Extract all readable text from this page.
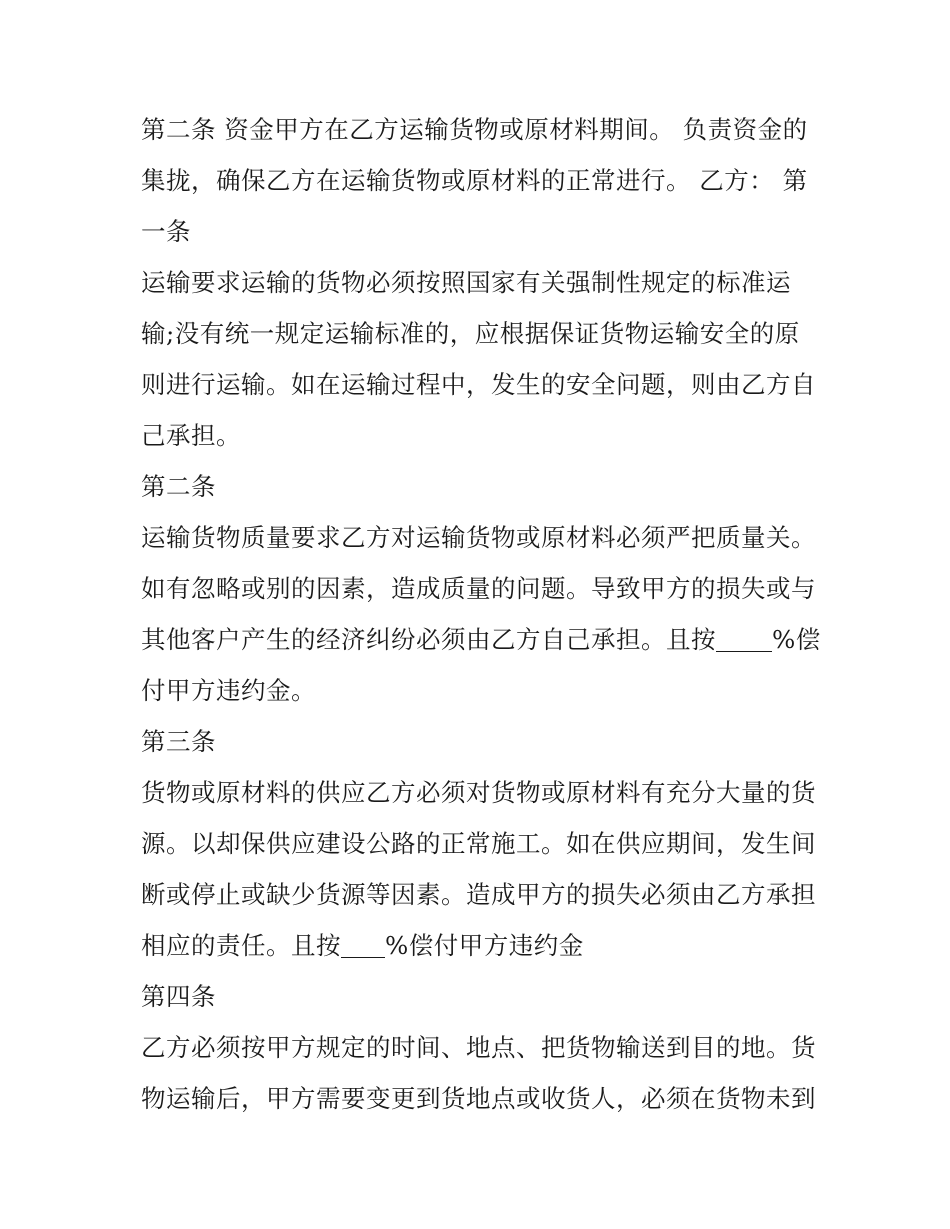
第二条 资金甲方在乙方运输货物或原材料期间。 负责资金的集拢，确保乙方在运输货物或原材料的正常进行。 乙方： 第一条

运输要求运输的货物必须按照国家有关强制性规定的标准运输;没有统一规定运输标准的，应根据保证货物运输安全的原则进行运输。如在运输过程中，发生的安全问题，则由乙方自己承担。

第二条

运输货物质量要求乙方对运输货物或原材料必须严把质量关。如有忽略或别的因素，造成质量的问题。导致甲方的损失或与其他客户产生的经济纠纷必须由乙方自己承担。且按 %偿付甲方违约金。

第三条

货物或原材料的供应乙方必须对货物或原材料有充分大量的货源。以却保供应建设公路的正常施工。如在供应期间，发生间断或停止或缺少货源等因素。造成甲方的损失必须由乙方承担相应的责任。且按 %偿付甲方违约金

第四条

乙方必须按甲方规定的时间、地点、把货物输送到目的地。货物运输后，甲方需要变更到货地点或收货人，必须在货物未到
